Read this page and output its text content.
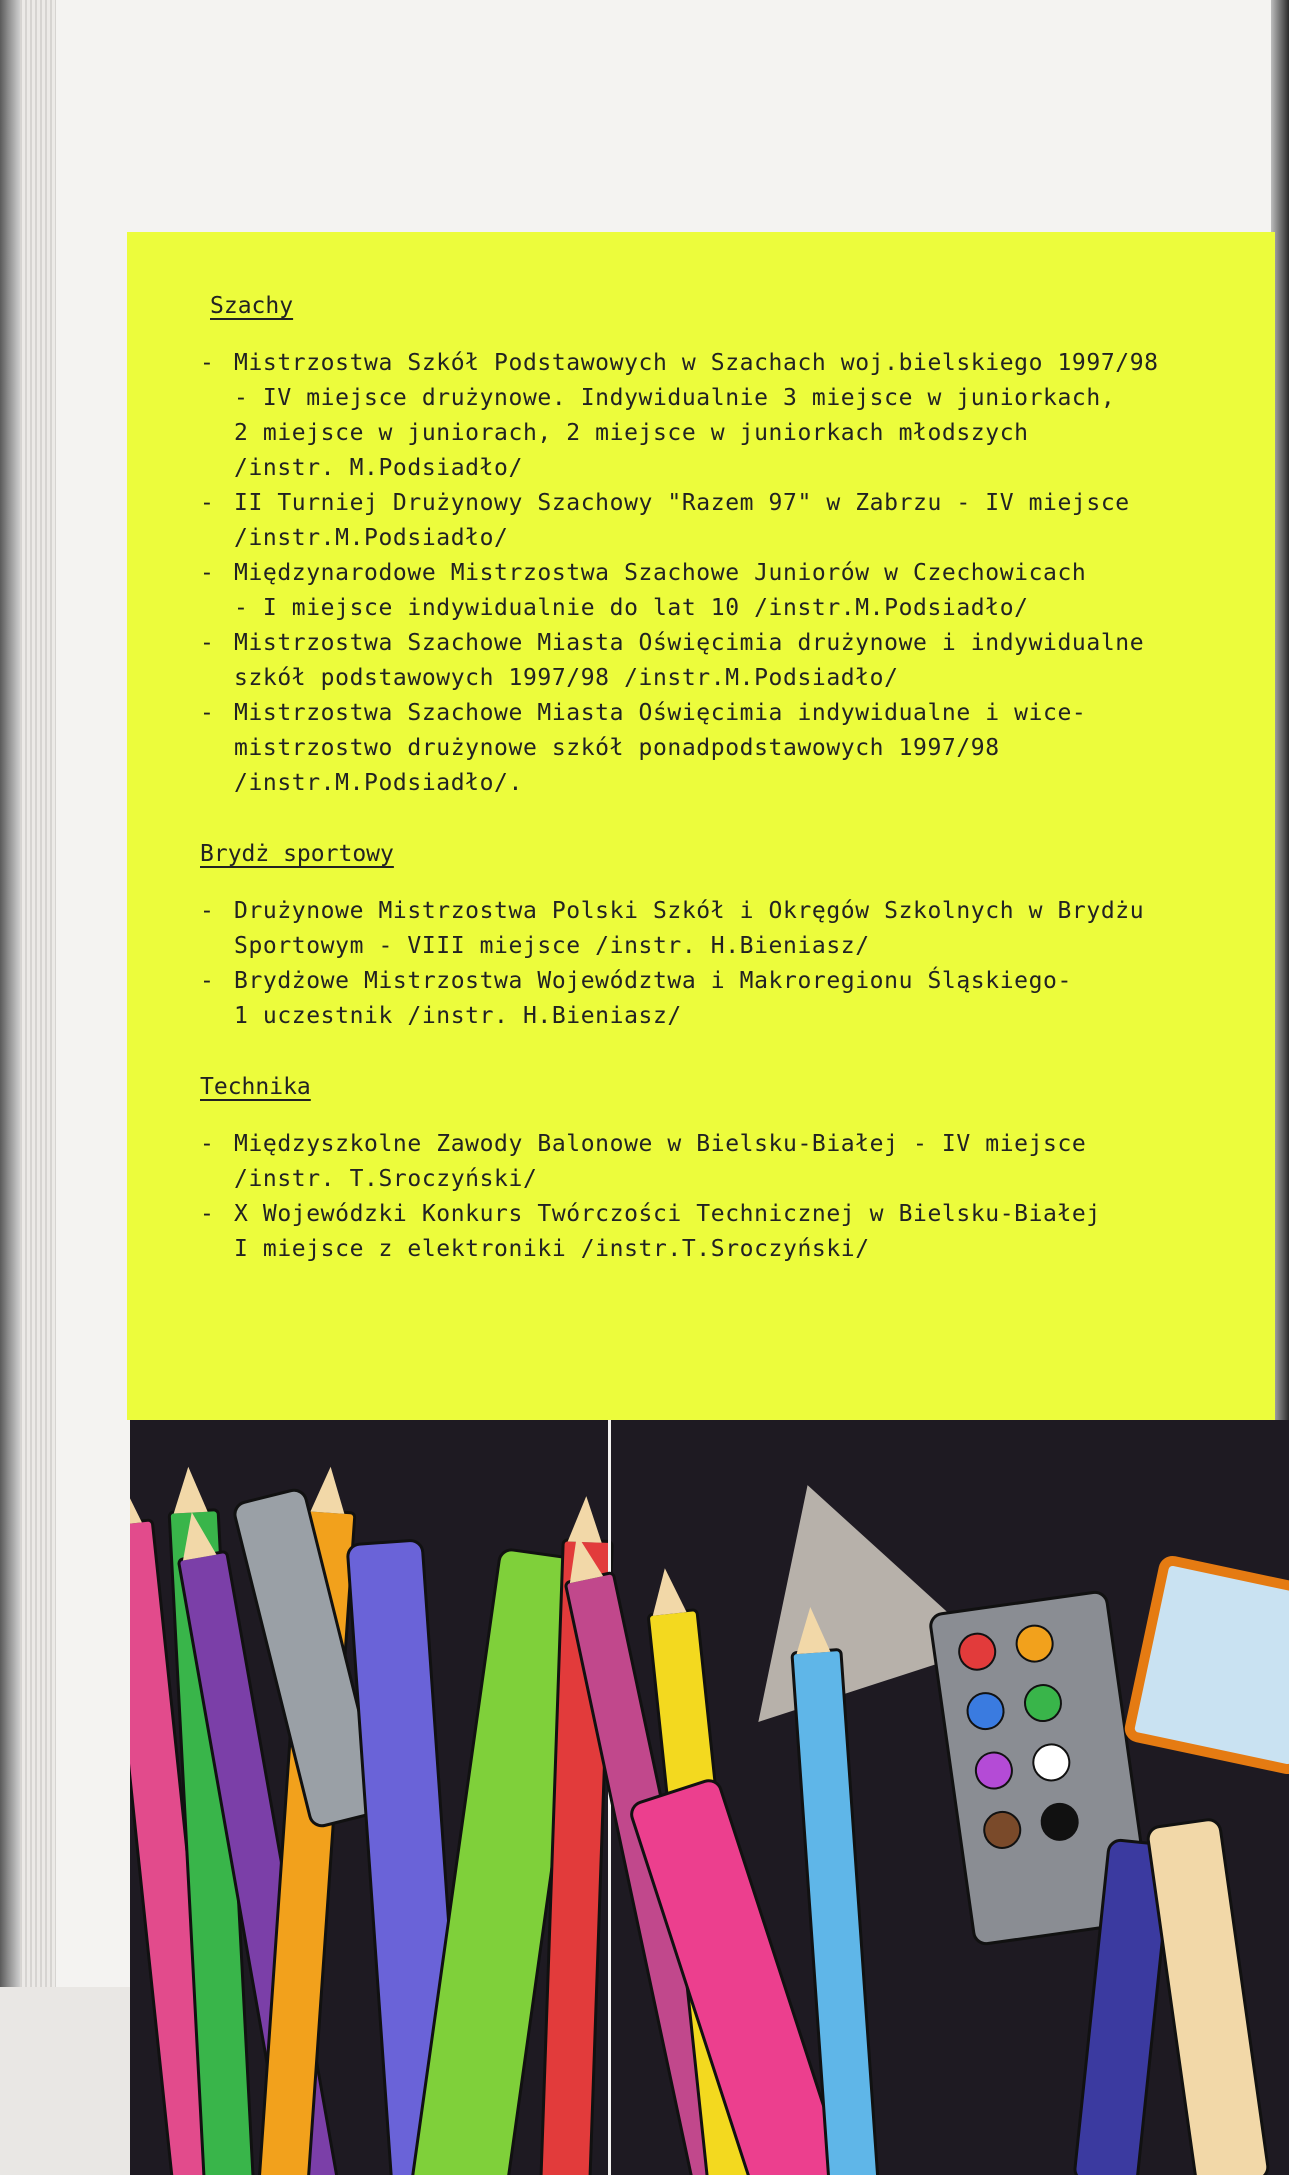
Szachy
- Mistrzostwa Szkół Podstawowych w Szachach woj.bielskiego 1997/98
- IV miejsce drużynowe. Indywidualnie 3 miejsce w juniorkach,
2 miejsce w juniorach, 2 miejsce w juniorkach młodszych
/instr. M.Podsiadło/
- II Turniej Drużynowy Szachowy "Razem 97" w Zabrzu - IV miejsce
/instr.M.Podsiadło/
- Międzynarodowe Mistrzostwa Szachowe Juniorów w Czechowicach
- I miejsce indywidualnie do lat 10 /instr.M.Podsiadło/
- Mistrzostwa Szachowe Miasta Oświęcimia drużynowe i indywidualne
szkół podstawowych 1997/98 /instr.M.Podsiadło/
- Mistrzostwa Szachowe Miasta Oświęcimia indywidualne i wice-
mistrzostwo drużynowe szkół ponadpodstawowych 1997/98
/instr.M.Podsiadło/.
Brydż sportowy
- Drużynowe Mistrzostwa Polski Szkół i Okręgów Szkolnych w Brydżu
Sportowym - VIII miejsce /instr. H.Bieniasz/
- Brydżowe Mistrzostwa Województwa i Makroregionu Śląskiego-
1 uczestnik /instr. H.Bieniasz/
Technika
- Międzyszkolne Zawody Balonowe w Bielsku-Białej - IV miejsce
/instr. T.Sroczyński/
- X Wojewódzki Konkurs Twórczości Technicznej w Bielsku-Białej
I miejsce z elektroniki /instr.T.Sroczyński/
